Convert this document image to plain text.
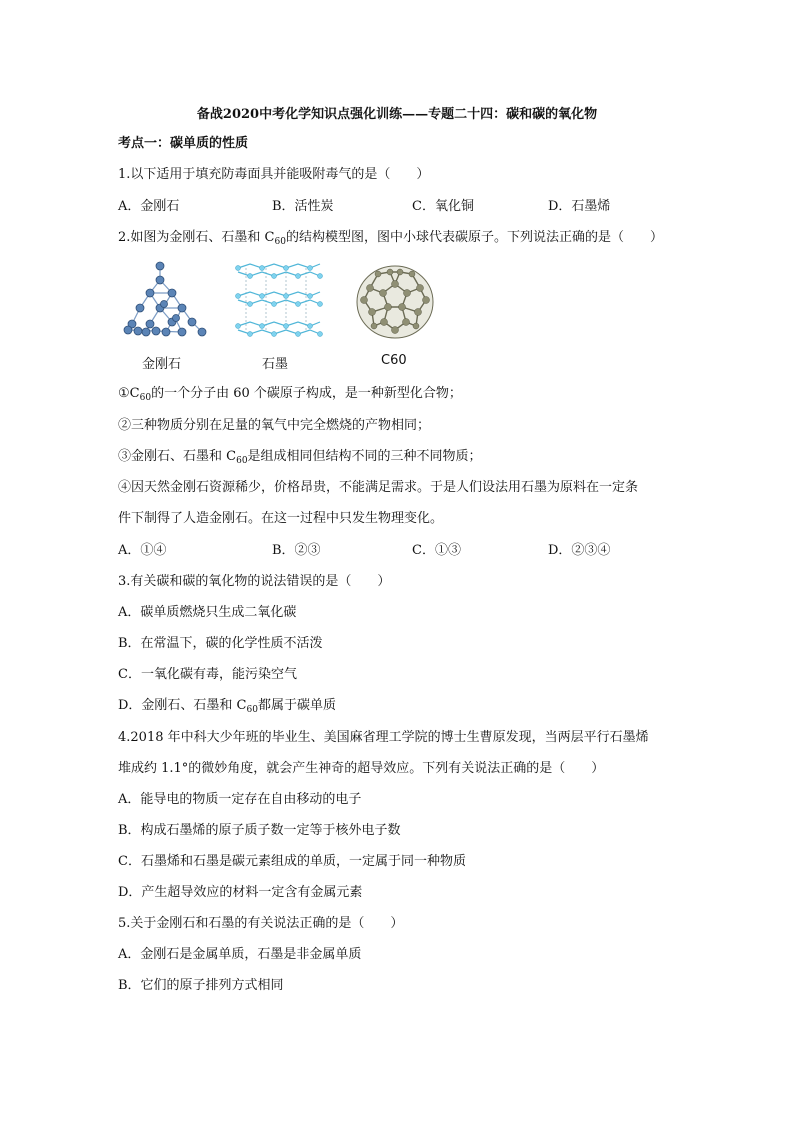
备战2020中考化学知识点强化训练——专题二十四：碳和碳的氧化物
考点一：碳单质的性质
1.以下适用于填充防毒面具并能吸附毒气的是（　　）
A．金刚石	B．活性炭	C．氧化铜	D．石墨烯
2.如图为金刚石、石墨和 $C_{60}$的结构模型图，图中小球代表碳原子。下列说法正确的是（　　）
金刚石	石墨	C60
$①C_{60}$的一个分子由 60 个碳原子构成，是一种新型化合物；
②三种物质分别在足量的氧气中完全燃烧的产物相同；
③金刚石、石墨和 $C_{60}$是组成相同但结构不同的三种不同物质；
④因天然金刚石资源稀少，价格昂贵，不能满足需求。于是人们设法用石墨为原料在一定条
件下制得了人造金刚石。在这一过程中只发生物理变化。
A．①④	B．②③	C．①③	D．②③④
3.有关碳和碳的氧化物的说法错误的是（　　）
A．碳单质燃烧只生成二氧化碳
B．在常温下，碳的化学性质不活泼
C．一氧化碳有毒，能污染空气
D．金刚石、石墨和 $C_{60}$都属于碳单质
4.2018 年中科大少年班的毕业生、美国麻省理工学院的博士生曹原发现，当两层平行石墨烯
堆成约 1.1°的微妙角度，就会产生神奇的超导效应。下列有关说法正确的是（　　）
A．能导电的物质一定存在自由移动的电子
B．构成石墨烯的原子质子数一定等于核外电子数
C．石墨烯和石墨是碳元素组成的单质，一定属于同一种物质
D．产生超导效应的材料一定含有金属元素
5.关于金刚石和石墨的有关说法正确的是（　　）
A．金刚石是金属单质，石墨是非金属单质
B．它们的原子排列方式相同
